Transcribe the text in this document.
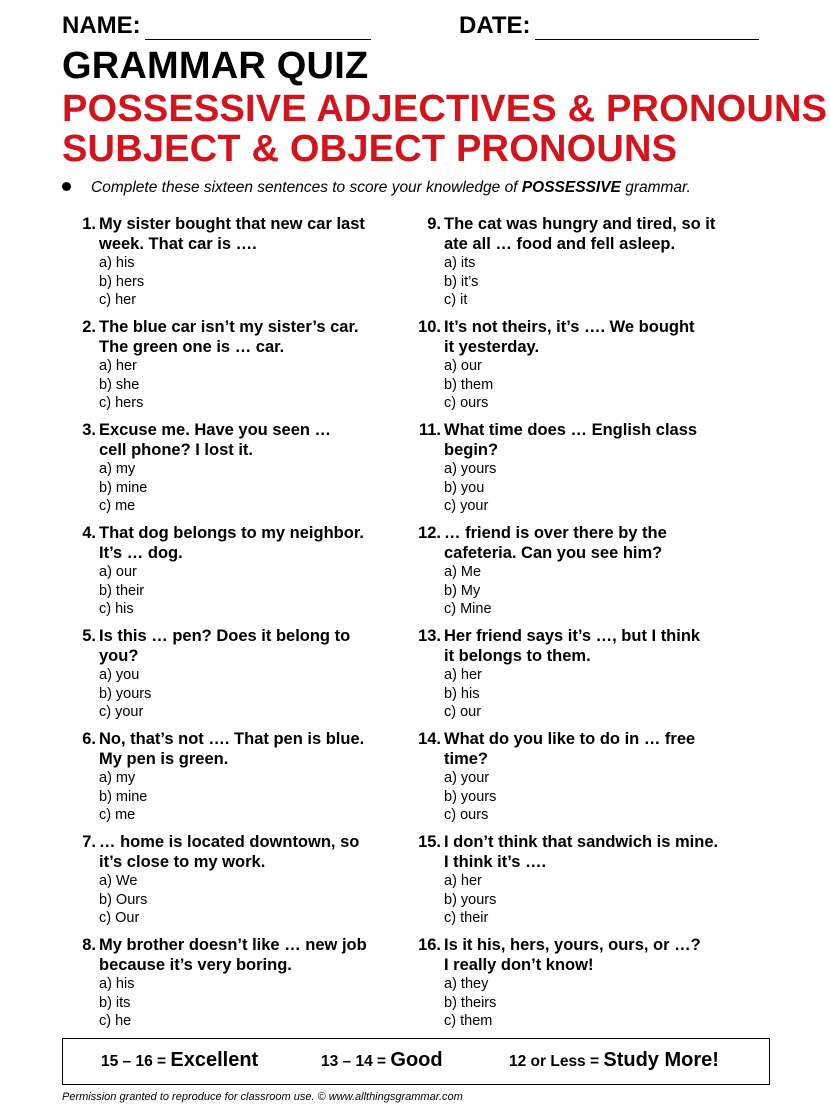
NAME:	DATE:
GRAMMAR QUIZ
POSSESSIVE ADJECTIVES & PRONOUNS
SUBJECT & OBJECT PRONOUNS
Complete these sixteen sentences to score your knowledge of POSSESSIVE grammar.
1. My sister bought that new car last
week. That car is ….
a) his
b) hers
c) her
2. The blue car isn’t my sister’s car.
The green one is … car.
a) her
b) she
c) hers
3. Excuse me. Have you seen …
cell phone? I lost it.
a) my
b) mine
c) me
4. That dog belongs to my neighbor.
It’s … dog.
a) our
b) their
c) his
5. Is this … pen? Does it belong to
you?
a) you
b) yours
c) your
6. No, that’s not …. That pen is blue.
My pen is green.
a) my
b) mine
c) me
7. … home is located downtown, so
it’s close to my work.
a) We
b) Ours
c) Our
8. My brother doesn’t like … new job
because it’s very boring.
a) his
b) its
c) he
9. The cat was hungry and tired, so it
ate all … food and fell asleep.
a) its
b) it’s
c) it
10. It’s not theirs, it’s …. We bought
it yesterday.
a) our
b) them
c) ours
11. What time does … English class
begin?
a) yours
b) you
c) your
12. … friend is over there by the
cafeteria. Can you see him?
a) Me
b) My
c) Mine
13. Her friend says it’s …, but I think
it belongs to them.
a) her
b) his
c) our
14. What do you like to do in … free
time?
a) your
b) yours
c) ours
15. I don’t think that sandwich is mine.
I think it’s ….
a) her
b) yours
c) their
16. Is it his, hers, yours, ours, or …?
I really don’t know!
a) they
b) theirs
c) them
15 – 16 = Excellent	13 – 14 = Good	12 or Less = Study More!
Permission granted to reproduce for classroom use. © www.allthingsgrammar.com
